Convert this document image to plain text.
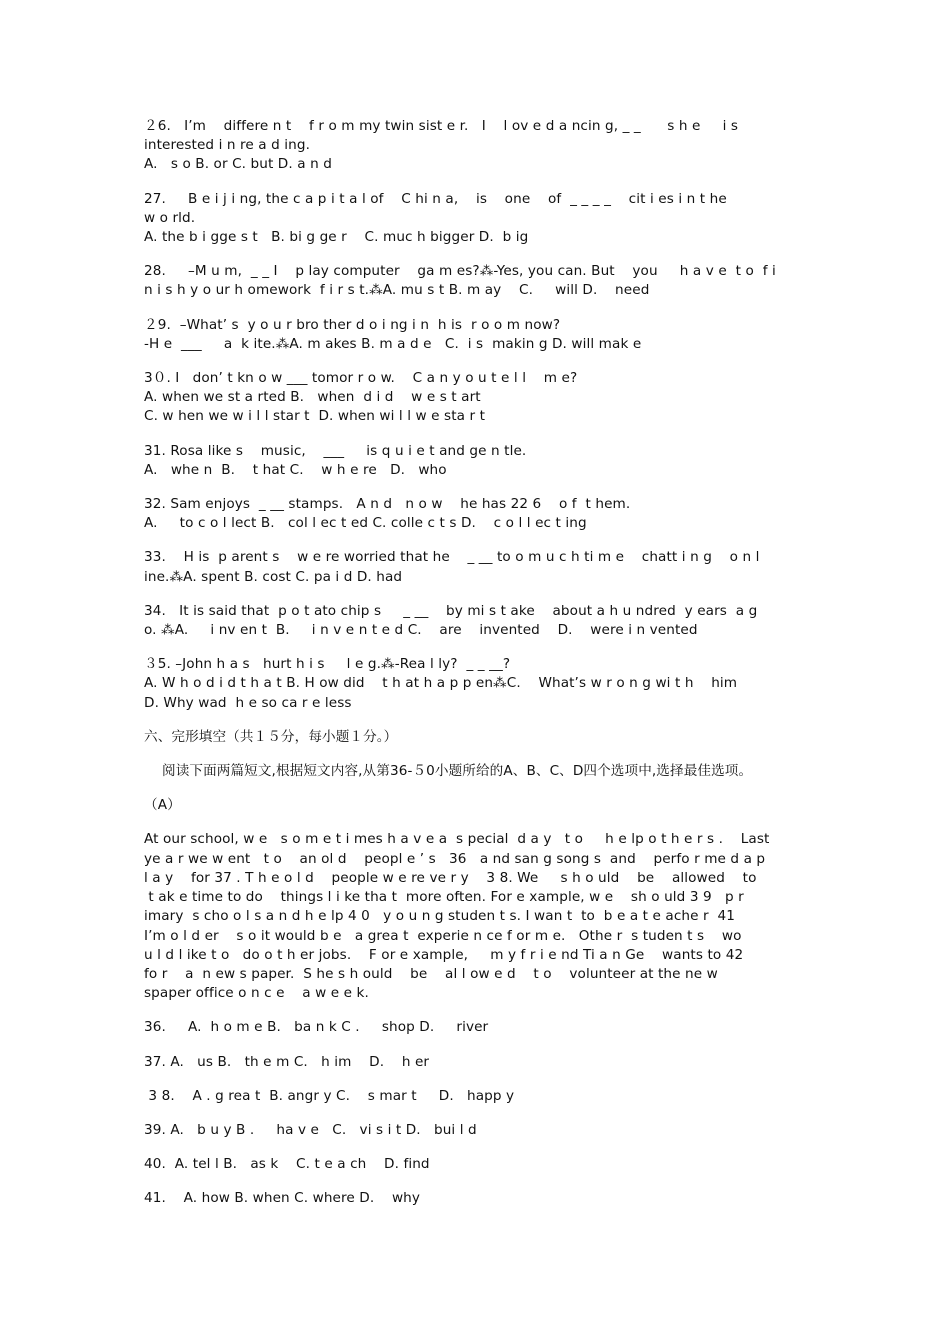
２6.   I’m    differe n t    f r o m my twin sist e r.   I    l ov e d a ncin g, _ _      s h e     i s
interested i n re a d ing.
A.   s o B. or C. but D. a n d
27.     B e i j i ng, the c a p i t a l of    C hi n a,    is    one    of  _ _ _ _    cit i es i n t he
w o rld.
A. the b i gge s t   B. bi g ge r    C. muc h bigger D.  b ig
28.     –M u m,  _ _ I    p lay computer    ga m es?⁂-Yes, you can. But    you     h a v e  t o  f i
n i s h y o ur h omework  f i r s t.⁂A. mu s t B. m ay    C.     will D.    need
２9.  –What’ s  y o u r bro ther d o i ng i n  h is  r o o m now?
-H e  ___     a  k ite.⁂A. m akes B. m a d e   C.  i s  makin g D. will mak e
3０. I   don’ t kn o w ___ tomor r o w.    C a n y o u t e l l    m e?
A. when we st a rted B.   when  d i d    w e s t art
C. w hen we w i l l star t  D. when wi l l w e sta r t
31. Rosa like s    music,    ___     is q u i e t and ge n tle.
A.   whe n  B.    t hat C.    w h e re   D.   who
32. Sam enjoys  _ __ stamps.   A n d   n o w    he has 22 6    o f  t hem.
A.     to c o l lect B.   col l ec t ed C. colle c t s D.    c o l l ec t ing
33.    H is  p arent s    w e re worried that he    _ __ to o m u c h ti m e    chatt i n g    o n l
ine.⁂A. spent B. cost C. pa i d D. had
34.   It is said that  p o t ato chip s     _ __    by mi s t ake    about a h u ndred  y ears  a g
o. ⁂A.     i nv en t  B.     i n v e n t e d C.    are    invented    D.    were i n vented
３5. –John h a s   hurt h i s     l e g.⁂-Rea l ly?  _ _ __?
A. W h o d i d t h a t B. H ow did    t h at h a p p en⁂C.    What’s w r o n g wi t h    him
D. Why wad  h e so ca r e less
六、完形填空（共１５分，每小题１分。）
阅读下面两篇短文,根据短文内容,从第36-５0小题所给的A、B、C、D四个选项中,选择最佳选项。
（A）
At our school, w e   s o m e t i mes h a v e a  s pecial  d a y   t o     h e lp o t h e r s .    Last
ye a r we w ent   t o    an ol d    peopl e ’ s   36   a nd san g song s  and    perfo r me d a p
l a y    for 37 . T h e o l d    people w e re ve r y    3 8. We     s h o uld    be    allowed    to
t ak e time to do    things l i ke tha t  more often. For e xample, w e    sh o uld 3 9   p r
imary  s cho o l s a n d h e lp 4 0   y o u n g studen t s. I wan t  to  b e a t e ache r  41
I’m o l d er    s o it would b e   a grea t  experie n ce f or m e.   Othe r  s tuden t s    wo
u l d l ike t o   do o t h er jobs.    F or e xample,     m y f r i e nd Ti a n Ge    wants to 42
fo r    a  n ew s paper.  S he s h ould    be    al l ow e d    t o    volunteer at the ne w
spaper office o n c e    a w e e k.
36.     A.  h o m e B.   ba n k C .     shop D.     river
37. A.   us B.   th e m C.   h im    D.    h er
3 8.    A . g rea t  B. angr y C.    s mar t     D.   happ y
39. A.   b u y B .     ha v e   C.   vi s i t D.   bui l d
40.  A. tel l B.   as k    C. t e a ch    D. find
41.    A. how B. when C. where D.    why
